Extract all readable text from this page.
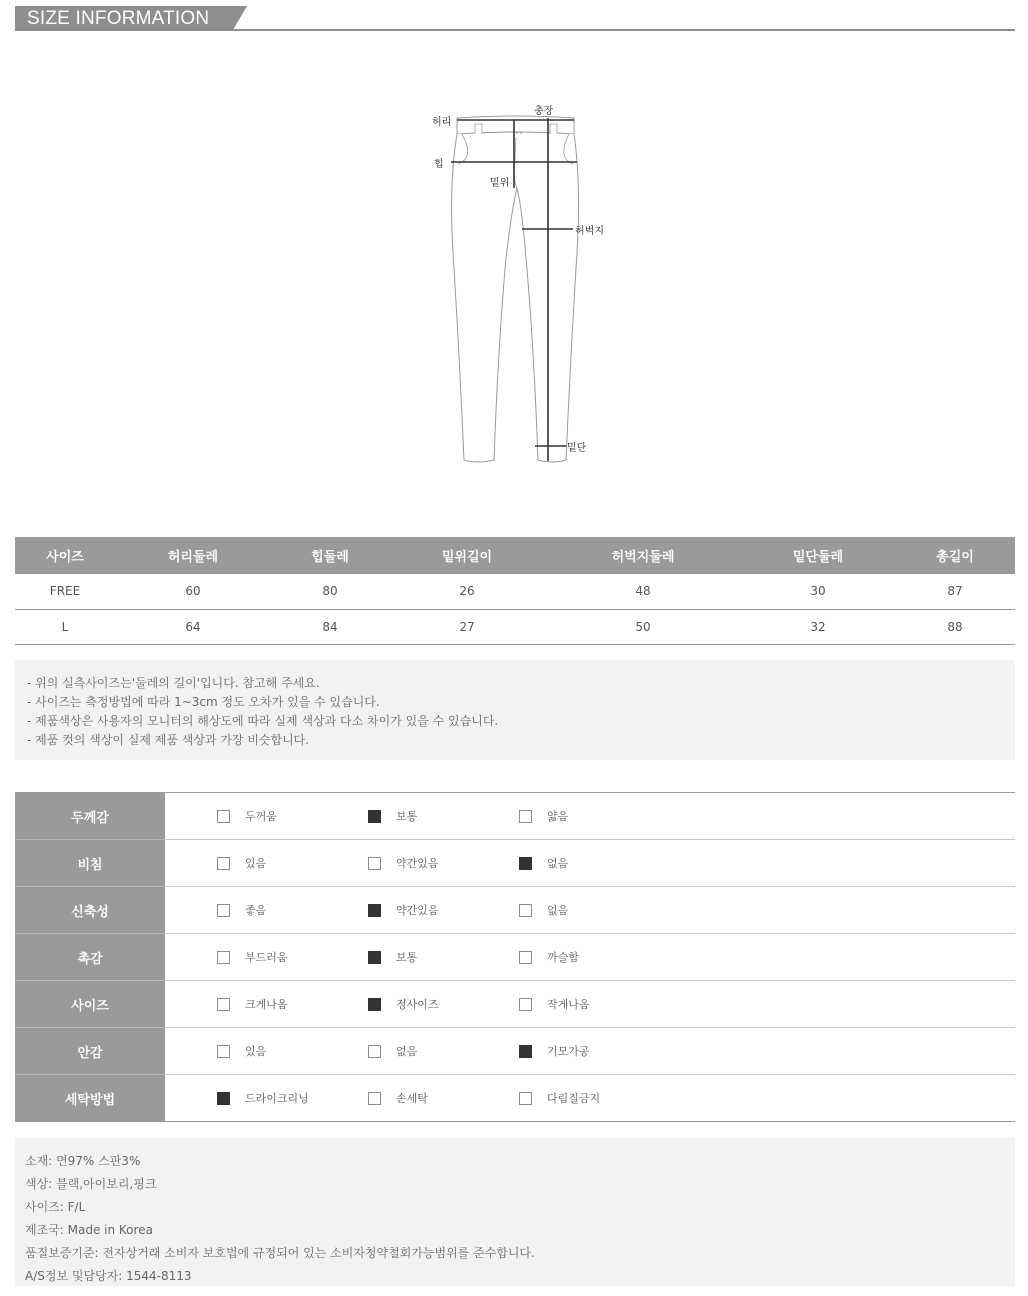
SIZE INFORMATION
허리
총장
힙
밑위
허벅지
밑단
사이즈	허리둘레	힙둘레	밑위길이	허벅지둘레	밑단둘레	총길이
FREE	60	80	26	48	30	87
L	64	84	27	50	32	88

- 위의 실측사이즈는'둘레의 길이'입니다. 참고해 주세요.

- 사이즈는 측정방법에 따라 1~3cm 정도 오차가 있을 수 있습니다.

- 제품색상은 사용자의 모니터의 해상도에 따라 실제 색상과 다소 차이가 있을 수 있습니다.

- 제품 컷의 색상이 실제 제품 색상과 가장 비슷합니다.

두께감	두꺼움 보통 얇음

비침	있음 약간있음 없음

신축성	좋음 약간있음 없음

촉감	부드러움 보통 까슬함

사이즈	크게나옴 정사이즈 작게나옴

안감	있음 없음 기모가공

세탁방법	드라이크리닝 손세탁 다림질금지

소재: 면97% 스판3%

색상: 블랙,아이보리,핑크

사이즈: F/L

제조국: Made in Korea

품질보증기준: 전자상거래 소비자 보호법에 규정되어 있는 소비자청약철회가능범위를 준수합니다.

A/S정보 및담당자: 1544-8113
